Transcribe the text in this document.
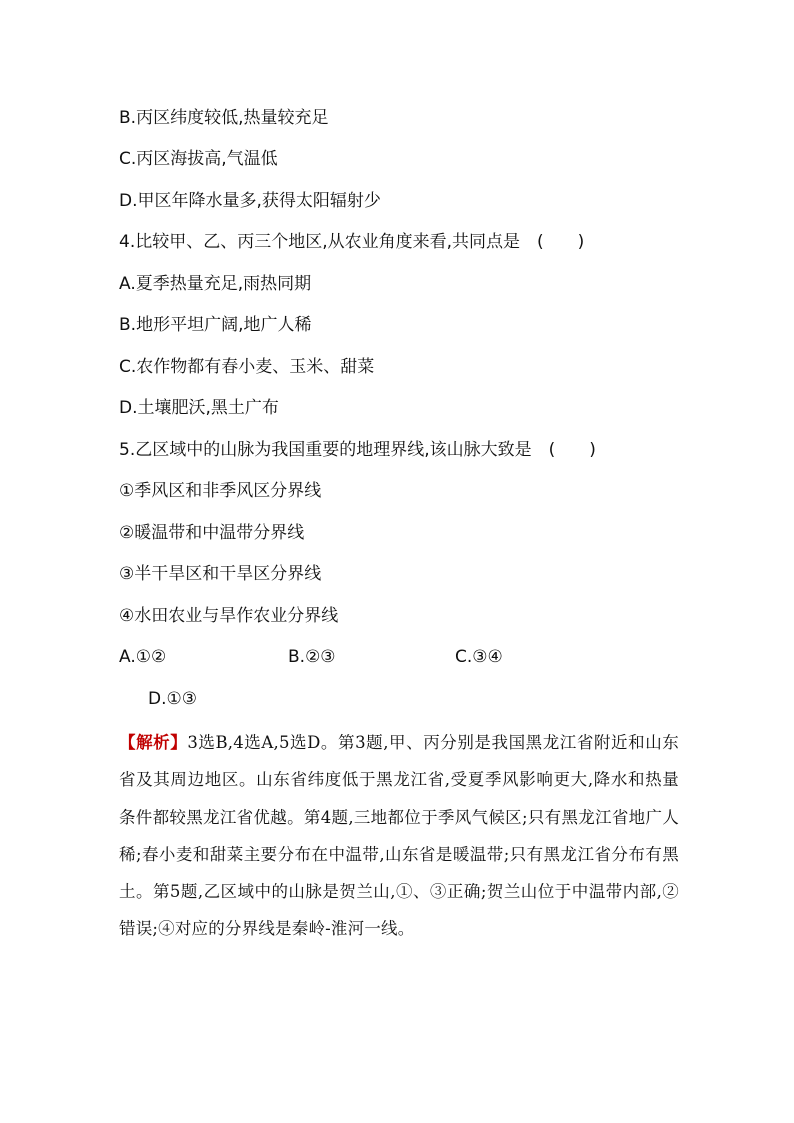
B.丙区纬度较低,热量较充足
C.丙区海拔高,气温低
D.甲区年降水量多,获得太阳辐射少
4.比较甲、乙、丙三个地区,从农业角度来看,共同点是　(　　)
A.夏季热量充足,雨热同期
B.地形平坦广阔,地广人稀
C.农作物都有春小麦、玉米、甜菜
D.土壤肥沃,黑土广布
5.乙区域中的山脉为我国重要的地理界线,该山脉大致是　(　　)
①季风区和非季风区分界线
②暖温带和中温带分界线
③半干旱区和干旱区分界线
④水田农业与旱作农业分界线
A.①②	B.②③	C.③④
D.①③
【解析】3选B,4选A,5选D。第3题,甲、丙分别是我国黑龙江省附近和山东省及其周边地区。山东省纬度低于黑龙江省,受夏季风影响更大,降水和热量条件都较黑龙江省优越。第4题,三地都位于季风气候区;只有黑龙江省地广人稀;春小麦和甜菜主要分布在中温带,山东省是暖温带;只有黑龙江省分布有黑土。第5题,乙区域中的山脉是贺兰山,①、③正确;贺兰山位于中温带内部,②错误;④对应的分界线是秦岭-淮河一线。
